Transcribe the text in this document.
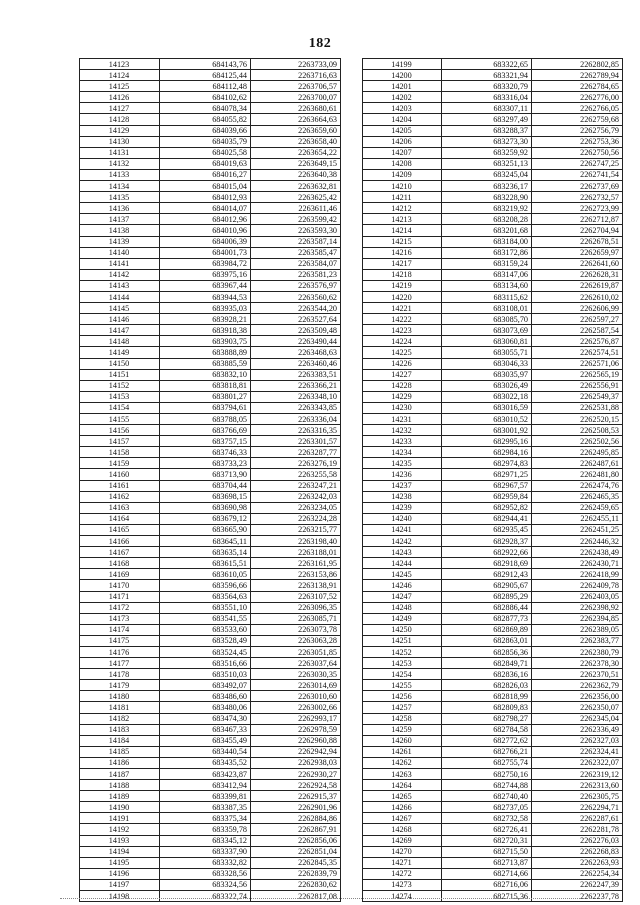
182
14123	684143,76	2263733,09
14124	684125,44	2263716,63
14125	684112,48	2263706,57
14126	684102,62	2263700,07
14127	684078,34	2263680,61
14128	684055,82	2263664,63
14129	684039,66	2263659,60
14130	684035,79	2263658,40
14131	684025,58	2263654,22
14132	684019,63	2263649,15
14133	684016,27	2263640,38
14134	684015,04	2263632,81
14135	684012,93	2263625,42
14136	684014,07	2263611,46
14137	684012,96	2263599,42
14138	684010,96	2263593,30
14139	684006,39	2263587,14
14140	684001,73	2263585,47
14141	683984,72	2263584,07
14142	683975,16	2263581,23
14143	683967,44	2263576,97
14144	683944,53	2263560,62
14145	683935,03	2263544,20
14146	683928,21	2263527,64
14147	683918,38	2263509,48
14148	683903,75	2263490,44
14149	683888,89	2263468,63
14150	683885,59	2263460,46
14151	683832,10	2263383,51
14152	683818,81	2263366,21
14153	683801,27	2263348,10
14154	683794,61	2263343,85
14155	683788,05	2263336,04
14156	683766,69	2263316,35
14157	683757,15	2263301,57
14158	683746,33	2263287,77
14159	683733,23	2263276,19
14160	683713,90	2263255,58
14161	683704,44	2263247,21
14162	683698,15	2263242,03
14163	683690,98	2263234,05
14164	683679,12	2263224,28
14165	683665,90	2263215,77
14166	683645,11	2263198,40
14167	683635,14	2263188,01
14168	683615,51	2263161,95
14169	683610,05	2263153,86
14170	683596,66	2263138,91
14171	683564,63	2263107,52
14172	683551,10	2263096,35
14173	683541,55	2263085,71
14174	683533,60	2263073,78
14175	683528,49	2263063,28
14176	683524,45	2263051,85
14177	683516,66	2263037,64
14178	683510,03	2263030,35
14179	683492,07	2263014,69
14180	683486,60	2263010,60
14181	683480,06	2263002,66
14182	683474,30	2262993,17
14183	683467,33	2262978,59
14184	683455,49	2262960,88
14185	683440,54	2262942,94
14186	683435,52	2262938,03
14187	683423,87	2262930,27
14188	683412,94	2262924,58
14189	683399,81	2262915,37
14190	683387,35	2262901,96
14191	683375,34	2262884,86
14192	683359,78	2262867,91
14193	683345,12	2262856,06
14194	683337,90	2262851,04
14195	683332,82	2262845,35
14196	683328,56	2262839,79
14197	683324,56	2262830,62
14198	683322,74	2262817,08
14199	683322,65	2262802,85
14200	683321,94	2262789,94
14201	683320,79	2262784,65
14202	683316,04	2262776,00
14203	683307,11	2262766,05
14204	683297,49	2262759,68
14205	683288,37	2262756,79
14206	683273,30	2262753,36
14207	683259,92	2262750,56
14208	683251,13	2262747,25
14209	683245,04	2262741,54
14210	683236,17	2262737,69
14211	683228,90	2262732,57
14212	683219,92	2262723,99
14213	683208,28	2262712,87
14214	683201,68	2262704,94
14215	683184,00	2262678,51
14216	683172,86	2262659,97
14217	683159,24	2262641,60
14218	683147,06	2262628,31
14219	683134,60	2262619,87
14220	683115,62	2262610,02
14221	683108,01	2262606,99
14222	683085,70	2262597,27
14223	683073,69	2262587,54
14224	683060,81	2262576,87
14225	683055,71	2262574,51
14226	683046,33	2262571,06
14227	683035,97	2262565,19
14228	683026,49	2262556,91
14229	683022,18	2262549,37
14230	683016,59	2262531,88
14231	683010,52	2262520,15
14232	683001,92	2262508,53
14233	682995,16	2262502,56
14234	682984,16	2262495,85
14235	682974,83	2262487,61
14236	682971,25	2262481,80
14237	682967,57	2262474,76
14238	682959,84	2262465,35
14239	682952,82	2262459,65
14240	682944,41	2262455,11
14241	682935,45	2262451,25
14242	682928,37	2262446,32
14243	682922,66	2262438,49
14244	682918,69	2262430,71
14245	682912,43	2262418,99
14246	682905,67	2262409,78
14247	682895,29	2262403,05
14248	682886,44	2262398,92
14249	682877,73	2262394,85
14250	682869,89	2262389,05
14251	682863,01	2262383,77
14252	682856,36	2262380,79
14253	682849,71	2262378,30
14254	682836,16	2262370,51
14255	682826,03	2262362,79
14256	682818,99	2262356,00
14257	682809,83	2262350,07
14258	682798,27	2262345,04
14259	682784,58	2262336,49
14260	682772,62	2262327,03
14261	682766,21	2262324,41
14262	682755,74	2262322,07
14263	682750,16	2262319,12
14264	682744,88	2262313,60
14265	682740,40	2262305,75
14266	682737,05	2262294,71
14267	682732,58	2262287,61
14268	682726,41	2262281,78
14269	682720,31	2262276,03
14270	682715,50	2262268,83
14271	682713,87	2262263,93
14272	682714,66	2262254,34
14273	682716,06	2262247,39
14274	682715,36	2262237,78
